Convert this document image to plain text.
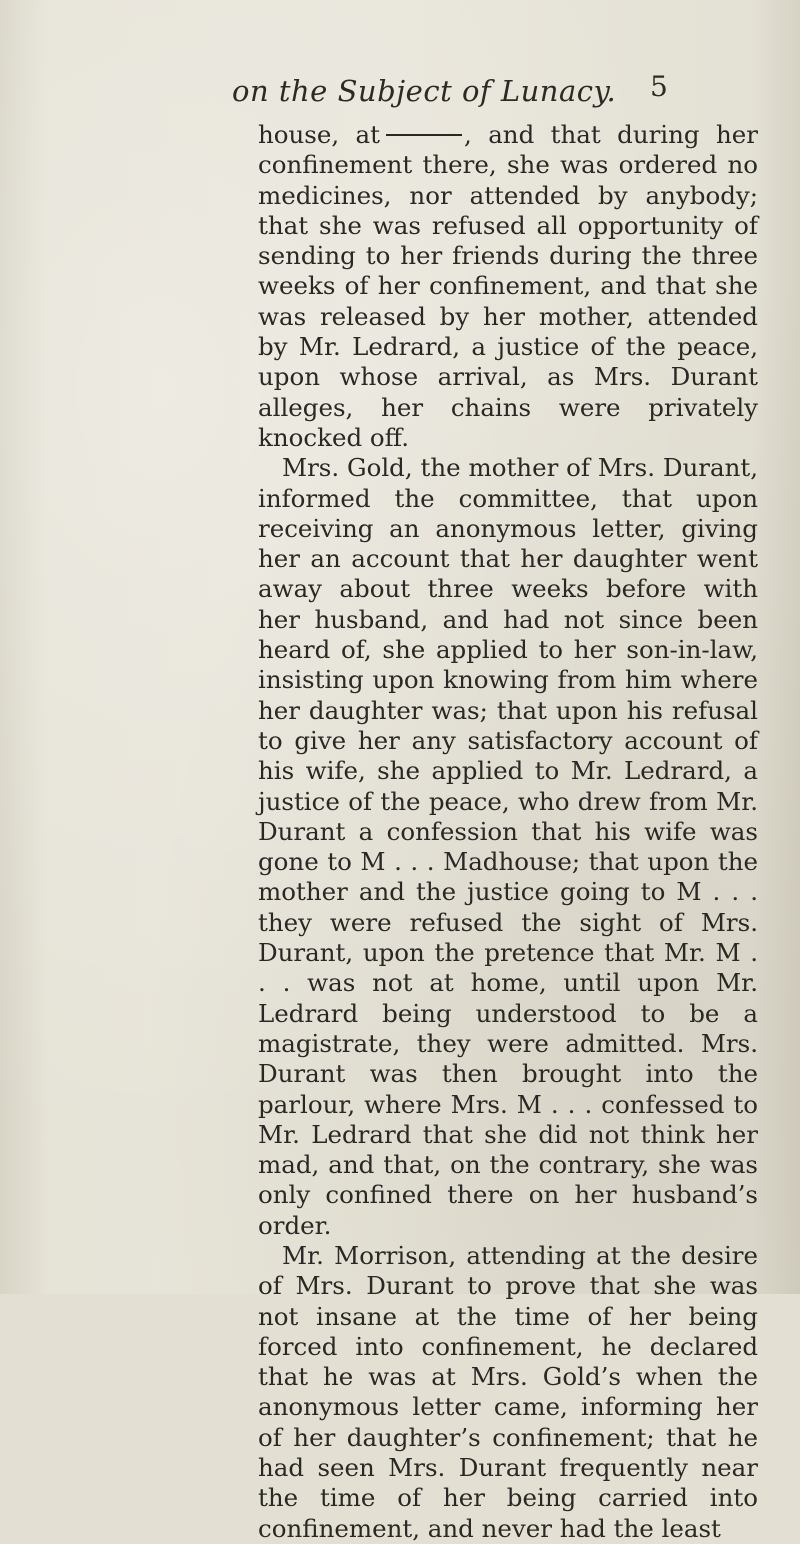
on the Subject of Lunacy. 5

house, at	, and that during her confinement there, she was ordered no medicines, nor attended by anybody; that she was refused all opportunity of sending to her friends during the three weeks of her confinement, and that she was released by her mother, attended by Mr. Ledrard, a justice of the peace, upon whose arrival, as Mrs. Durant alleges, her chains were privately knocked off.

Mrs. Gold, the mother of Mrs. Durant, informed the committee, that upon receiving an anonymous letter, giving her an account that her daughter went away about three weeks before with her husband, and had not since been heard of, she applied to her son-in-law, insisting upon knowing from him where her daughter was; that upon his refusal to give her any satisfactory account of his wife, she applied to Mr. Ledrard, a justice of the peace, who drew from Mr. Durant a confession that his wife was gone to M . . . Madhouse; that upon the mother and the justice going to M . . . they were refused the sight of Mrs. Durant, upon the pretence that Mr. M . . . was not at home, until upon Mr. Ledrard being understood to be a magistrate, they were admitted. Mrs. Durant was then brought into the parlour, where Mrs. M . . . confessed to Mr. Ledrard that she did not think her mad, and that, on the contrary, she was only confined there on her husband’s order.

Mr. Morrison, attending at the desire of Mrs. Durant to prove that she was not insane at the time of her being forced into confinement, he declared that he was at Mrs. Gold’s when the anonymous letter came, informing her of her daughter’s confinement; that he had seen Mrs. Durant frequently near the time of her being carried into confinement, and never had the least
